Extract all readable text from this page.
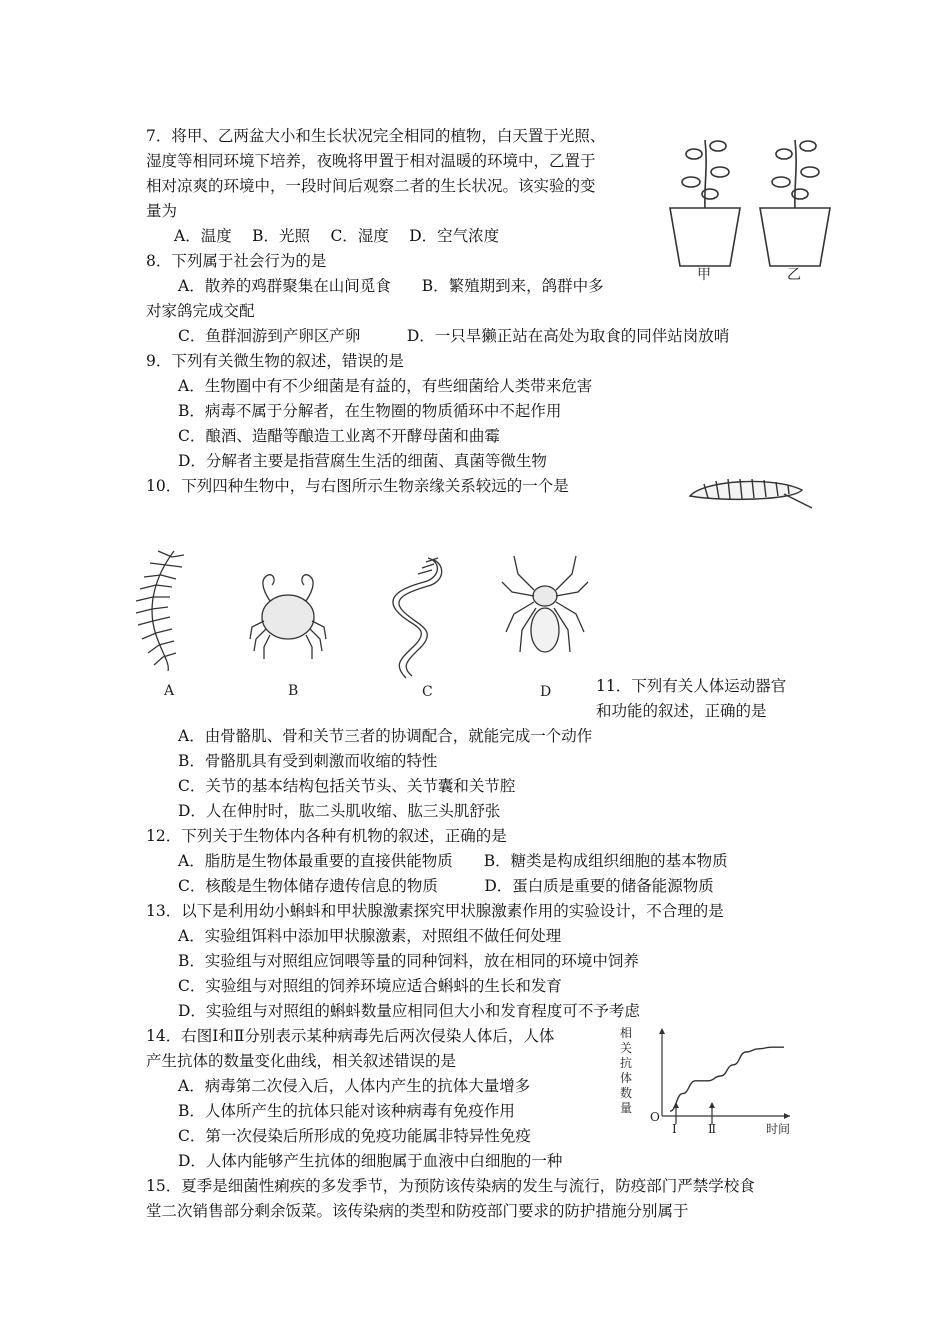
7．将甲、乙两盆大小和生长状况完全相同的植物，白天置于光照、
湿度等相同环境下培养，夜晚将甲置于相对温暖的环境中，乙置于
相对凉爽的环境中，一段时间后观察二者的生长状况。该实验的变
量为
A．温度　 B．光照　 C．湿度　 D．空气浓度
甲	乙
8．下列属于社会行为的是
A．散养的鸡群聚集在山间觅食　　B．繁殖期到来，鸽群中多
对家鸽完成交配
C．鱼群洄游到产卵区产卵　　　D．一只旱獭正站在高处为取食的同伴站岗放哨
9．下列有关微生物的叙述，错误的是
A．生物圈中有不少细菌是有益的，有些细菌给人类带来危害
B．病毒不属于分解者，在生物圈的物质循环中不起作用
C．酿酒、造醋等酿造工业离不开酵母菌和曲霉
D．分解者主要是指营腐生生活的细菌、真菌等微生物
10．下列四种生物中，与右图所示生物亲缘关系较远的一个是
A	B	C	D	11．下列有关人体运动器官
和功能的叙述，正确的是
A．由骨骼肌、骨和关节三者的协调配合，就能完成一个动作
B．骨骼肌具有受到刺激而收缩的特性
C．关节的基本结构包括关节头、关节囊和关节腔
D．人在伸肘时，肱二头肌收缩、肱三头肌舒张
12．下列关于生物体内各种有机物的叙述，正确的是
A．脂肪是生物体最重要的直接供能物质　　B．糖类是构成组织细胞的基本物质
C．核酸是生物体储存遗传信息的物质　　　D．蛋白质是重要的储备能源物质
13．以下是利用幼小蝌蚪和甲状腺激素探究甲状腺激素作用的实验设计，不合理的是
A．实验组饵料中添加甲状腺激素，对照组不做任何处理
B．实验组与对照组应饲喂等量的同种饲料，放在相同的环境中饲养
C．实验组与对照组的饲养环境应适合蝌蚪的生长和发育
D．实验组与对照组的蝌蚪数量应相同但大小和发育程度可不予考虑
14．右图Ⅰ和Ⅱ分别表示某种病毒先后两次侵染人体后，人体
产生抗体的数量变化曲线，相关叙述错误的是
A．病毒第二次侵入后，人体内产生的抗体大量增多
B．人体所产生的抗体只能对该种病毒有免疫作用
C．第一次侵染后所形成的免疫功能属非特异性免疫
D．人体内能够产生抗体的细胞属于血液中白细胞的一种
相关抗体数量
O
时间
Ⅰ	Ⅱ
15．夏季是细菌性痢疾的多发季节，为预防该传染病的发生与流行，防疫部门严禁学校食
堂二次销售部分剩余饭菜。该传染病的类型和防疫部门要求的防护措施分别属于
